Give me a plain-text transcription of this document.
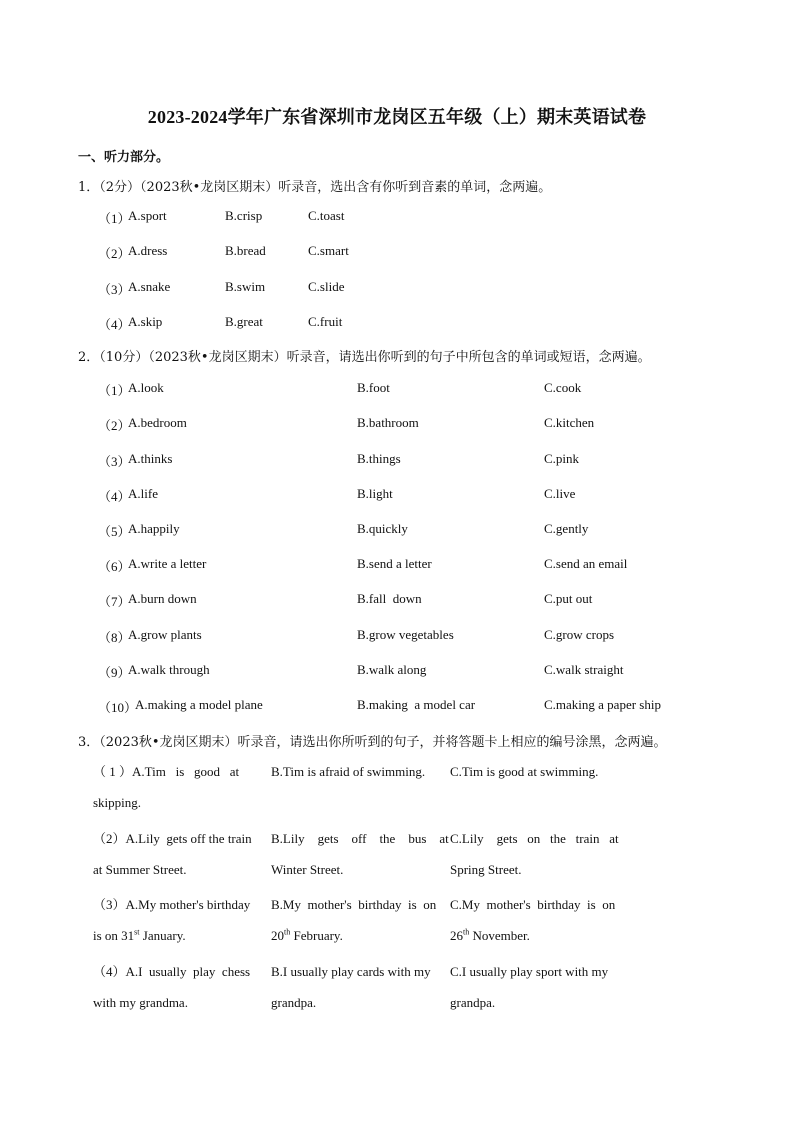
2023-2024学年广东省深圳市龙岗区五年级（上）期末英语试卷
一、听力部分。
1．（2分）（2023秋•龙岗区期末）听录音，选出含有你听到音素的单词，念两遍。
（1）
A.sport	B.crisp	C.toast
（2）
A.dress	B.bread	C.smart
（3）
A.snake	B.swim	C.slide
（4）
A.skip	B.great	C.fruit
2．（10分）（2023秋•龙岗区期末）听录音，请选出你听到的句子中所包含的单词或短语，念两遍。
（1）
A.look	B.foot	C.cook
（2）
A.bedroom	B.bathroom	C.kitchen
（3）
A.thinks	B.things	C.pink
（4）
A.life	B.light	C.live
（5）
A.happily	B.quickly	C.gently
（6）
A.write a letter	B.send a letter	C.send an email
（7）
A.burn down	B.fall  down	C.put out
（8）
A.grow plants	B.grow vegetables	C.grow crops
（9）
A.walk through	B.walk along	C.walk straight
（10）
A.making a model plane	B.making  a model car	C.making a paper ship
3．（2023秋•龙岗区期末）听录音，请选出你所听到的句子，并将答题卡上相应的编号涂黑，念两遍。
（ 1 ）A.Tim   is   good   at
skipping.
B.Tim is afraid of swimming.	C.Tim is good at swimming.
（2）A.Lily  gets off the train
at Summer Street.
B.Lily    gets    off    the    bus    at
Winter Street.
C.Lily    gets   on   the   train   at
Spring Street.
（3）A.My mother's birthday
is on 31st January.
B.My  mother's  birthday  is  on
20th February.
C.My  mother's  birthday  is  on
26th November.
（4）A.I  usually  play  chess
with my grandma.
B.I usually play cards with my
grandpa.
C.I usually play sport with my
grandpa.
